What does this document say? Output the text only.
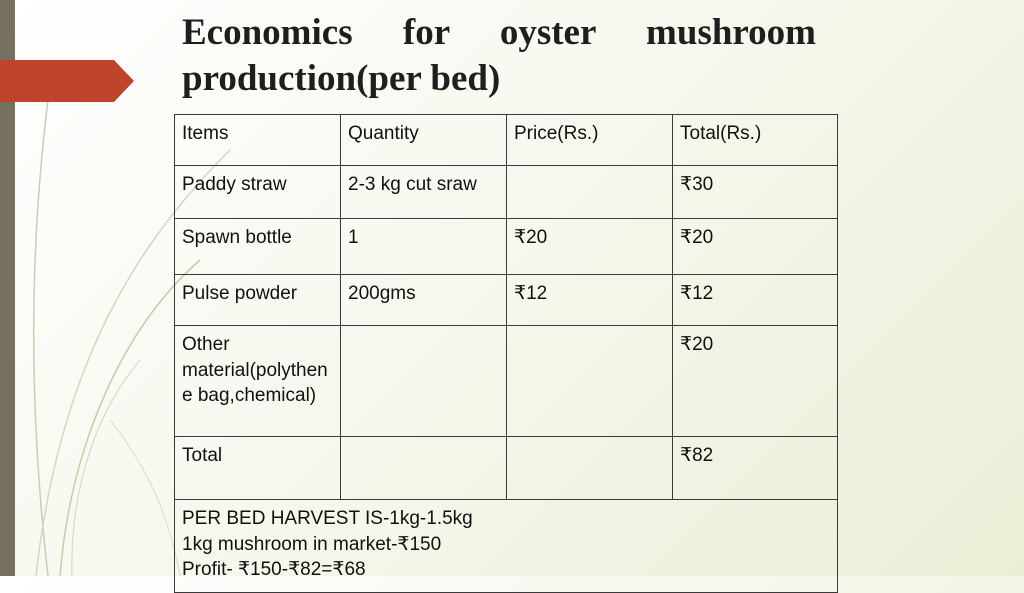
Economics for oyster mushroom production(per bed)
Items	Quantity	Price(Rs.)	Total(Rs.)
Paddy straw	2-3 kg cut sraw		₹30
Spawn bottle	1	₹20	₹20
Pulse powder	200gms	₹12	₹12
Other material(polythene bag,chemical)			₹20
Total			₹82

PER BED HARVEST IS-1kg-1.5kg
1kg mushroom in market-₹150
Profit- ₹150-₹82=₹68			
